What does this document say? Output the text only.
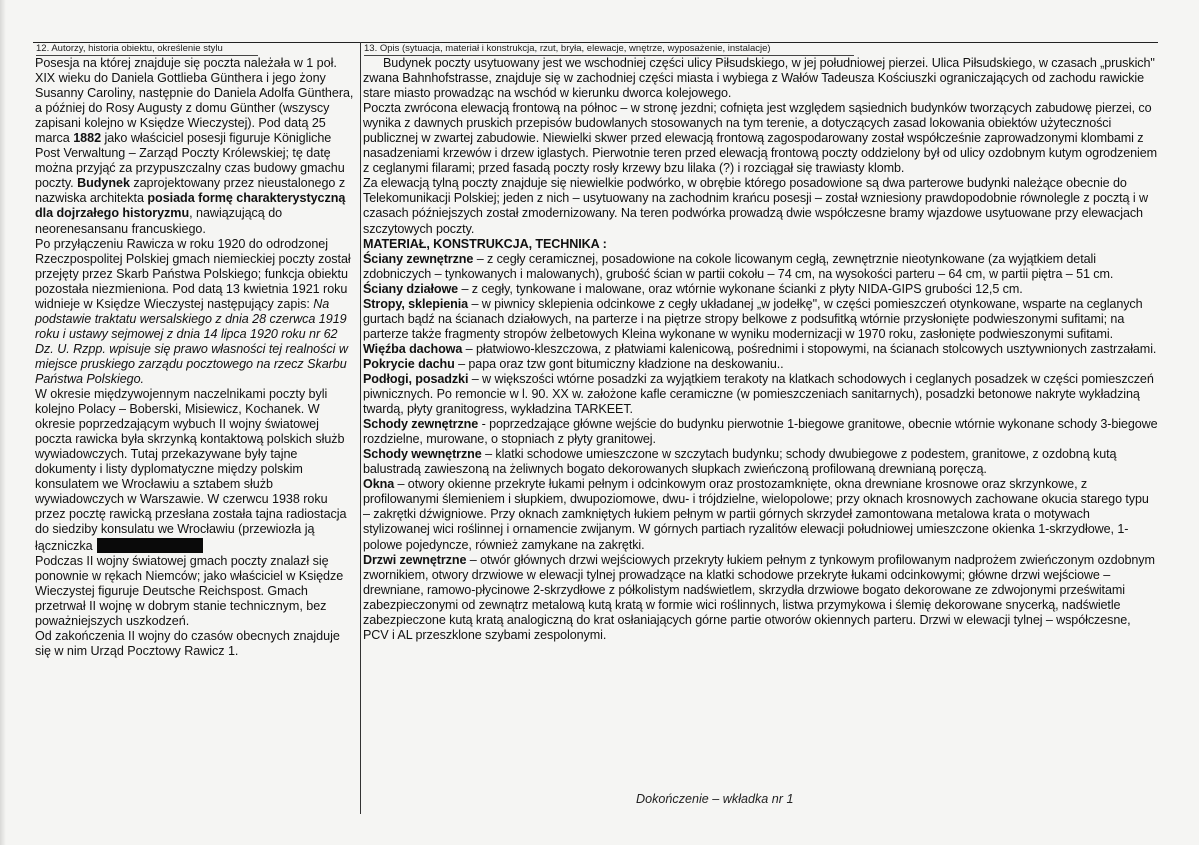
12. Autorzy, historia obiektu, określenie stylu	13. Opis (sytuacja, materiał i konstrukcja, rzut, bryła, elewacje, wnętrze, wyposażenie, instalacje)

Posesja na której znajduje się poczta należała w 1 poł. XIX wieku do Daniela Gottlieba Günthera i jego żony Susanny Caroliny, następnie do Daniela Adolfa Günthera, a później do Rosy Augusty z domu Günther (wszyscy zapisani kolejno w Księdze Wieczystej). Pod datą 25 marca 1882 jako właściciel posesji figuruje Königliche Post Verwaltung – Zarząd Poczty Królewskiej; tę datę można przyjąć za przypuszczalny czas budowy gmachu poczty. Budynek zaprojektowany przez nieustalonego z nazwiska architekta posiada formę charakterystyczną dla dojrzałego historyzmu, nawiązującą do neorenesansanu francuskiego.

Po przyłączeniu Rawicza w roku 1920 do odrodzonej Rzeczpospolitej Polskiej gmach niemieckiej poczty został przejęty przez Skarb Państwa Polskiego; funkcja obiektu pozostała niezmieniona. Pod datą 13 kwietnia 1921 roku widnieje w Księdze Wieczystej następujący zapis: Na podstawie traktatu wersalskiego z dnia 28 czerwca 1919 roku i ustawy sejmowej z dnia 14 lipca 1920 roku nr 62 Dz. U. Rzpp. wpisuje się prawo własności tej realności w miejsce pruskiego zarządu pocztowego na rzecz Skarbu Państwa Polskiego.

W okresie międzywojennym naczelnikami poczty byli kolejno Polacy – Boberski, Misiewicz, Kochanek. W okresie poprzedzającym wybuch II wojny światowej poczta rawicka była skrzynką kontaktową polskich służb wywiadowczych. Tutaj przekazywane były tajne dokumenty i listy dyplomatyczne między polskim konsulatem we Wrocławiu a sztabem służb wywiadowczych w Warszawie. W czerwcu 1938 roku przez pocztę rawicką przesłana została tajna radiostacja do siedziby konsulatu we Wrocławiu (przewiozła ją łączniczka

Podczas II wojny światowej gmach poczty znalazł się ponownie w rękach Niemców; jako właściciel w Księdze Wieczystej figuruje Deutsche Reichspost. Gmach przetrwał II wojnę w dobrym stanie technicznym, bez poważniejszych uszkodzeń.

Od zakończenia II wojny do czasów obecnych znajduje się w nim Urząd Pocztowy Rawicz 1.

Budynek poczty usytuowany jest we wschodniej części ulicy Piłsudskiego, w jej południowej pierzei. Ulica Piłsudskiego, w czasach „pruskich" zwana Bahnhofstrasse, znajduje się w zachodniej części miasta i wybiega z Wałów Tadeusza Kościuszki ograniczających od zachodu rawickie stare miasto prowadząc na wschód w kierunku dworca kolejowego.

Poczta zwrócona elewacją frontową na północ – w stronę jezdni; cofnięta jest względem sąsiednich budynków tworzących zabudowę pierzei, co wynika z dawnych pruskich przepisów budowlanych stosowanych na tym terenie, a dotyczących zasad lokowania obiektów użyteczności publicznej w zwartej zabudowie. Niewielki skwer przed elewacją frontową zagospodarowany został współcześnie zaprowadzonymi klombami z nasadzeniami krzewów i drzew iglastych. Pierwotnie teren przed elewacją frontową poczty oddzielony był od ulicy ozdobnym kutym ogrodzeniem z ceglanymi filarami; przed fasadą poczty rosły krzewy bzu lilaka (?) i rozciągał się trawiasty klomb.

Za elewacją tylną poczty znajduje się niewielkie podwórko, w obrębie którego posadowione są dwa parterowe budynki należące obecnie do Telekomunikacji Polskiej; jeden z nich – usytuowany na zachodnim krańcu posesji – został wzniesiony prawdopodobnie równolegle z pocztą i w czasach późniejszych został zmodernizowany. Na teren podwórka prowadzą dwie współczesne bramy wjazdowe usytuowane przy elewacjach szczytowych poczty.

MATERIAŁ, KONSTRUKCJA, TECHNIKA :

Ściany zewnętrzne – z cegły ceramicznej, posadowione na cokole licowanym cegłą, zewnętrznie nieotynkowane (za wyjątkiem detali zdobniczych – tynkowanych i malowanych), grubość ścian w partii cokołu – 74 cm, na wysokości parteru – 64 cm, w partii piętra – 51 cm.

Ściany działowe – z cegły, tynkowane i malowane, oraz wtórnie wykonane ścianki z płyty NIDA-GIPS grubości 12,5 cm.

Stropy, sklepienia – w piwnicy sklepienia odcinkowe z cegły układanej „w jodełkę", w części pomieszczeń otynkowane, wsparte na ceglanych gurtach bądź na ścianach działowych, na parterze i na piętrze stropy belkowe z podsufitką wtórnie przysłonięte podwieszonymi sufitami; na parterze także fragmenty stropów żelbetowych Kleina wykonane w wyniku modernizacji w 1970 roku, zasłonięte podwieszonymi sufitami.

Więźba dachowa – płatwiowo-kleszczowa, z płatwiami kalenicową, pośrednimi i stopowymi, na ścianach stolcowych usztywnionych zastrzałami.

Pokrycie dachu – papa oraz tzw gont bitumiczny kładzione na deskowaniu..

Podłogi, posadzki – w większości wtórne posadzki za wyjątkiem terakoty na klatkach schodowych i ceglanych posadzek w części pomieszczeń piwnicznych. Po remoncie w l. 90. XX w. założone kafle ceramiczne (w pomieszczeniach sanitarnych), posadzki betonowe nakryte wykładziną twardą, płyty granitogress, wykładzina TARKEET.

Schody zewnętrzne - poprzedzające główne wejście do budynku pierwotnie 1-biegowe granitowe, obecnie wtórnie wykonane schody 3-biegowe rozdzielne, murowane, o stopniach z płyty granitowej.

Schody wewnętrzne – klatki schodowe umieszczone w szczytach budynku; schody dwubiegowe z podestem, granitowe, z ozdobną kutą balustradą zawieszoną na żeliwnych bogato dekorowanych słupkach zwieńczoną profilowaną drewnianą poręczą.

Okna – otwory okienne przekryte łukami pełnym i odcinkowym oraz prostozamknięte, okna drewniane krosnowe oraz skrzynkowe, z profilowanymi ślemieniem i słupkiem, dwupoziomowe, dwu- i trójdzielne, wielopolowe; przy oknach krosnowych zachowane okucia starego typu – zakrętki dźwigniowe. Przy oknach zamkniętych łukiem pełnym w partii górnych skrzydeł zamontowana metalowa krata o motywach stylizowanej wici roślinnej i ornamencie zwijanym. W górnych partiach ryzalitów elewacji południowej umieszczone okienka 1-skrzydłowe, 1-polowe pojedyncze, również zamykane na zakrętki.

Drzwi zewnętrzne – otwór głównych drzwi wejściowych przekryty łukiem pełnym z tynkowym profilowanym nadprożem zwieńczonym ozdobnym zwornikiem, otwory drzwiowe w elewacji tylnej prowadzące na klatki schodowe przekryte łukami odcinkowymi; główne drzwi wejściowe – drewniane, ramowo-płycinowe 2-skrzydłowe z półkolistym nadświetlem, skrzydła drzwiowe bogato dekorowane ze zdwojonymi prześwitami zabezpieczonymi od zewnątrz metalową kutą kratą w formie wici roślinnych, listwa przymykowa i ślemię dekorowane snycerką, nadświetle zabezpieczone kutą kratą analogiczną do krat osłaniających górne partie otworów okiennych parteru. Drzwi w elewacji tylnej – współczesne, PCV i AL przeszklone szybami zespolonymi.

Dokończenie – wkładka nr 1
